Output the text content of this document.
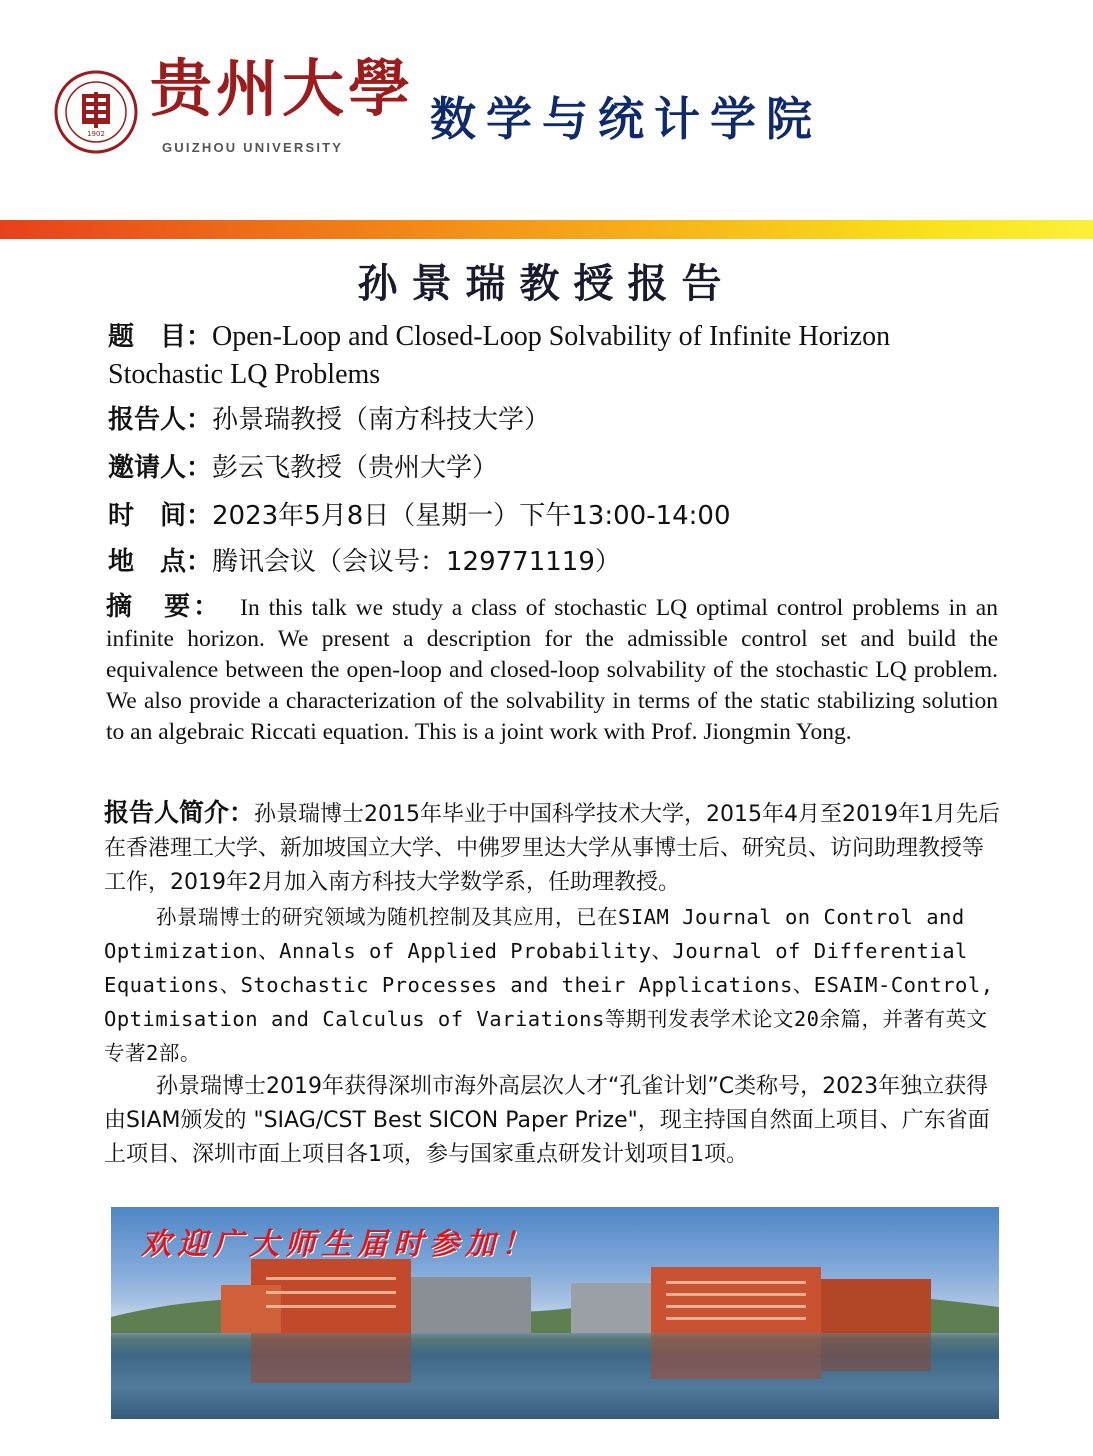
1902
贵州大學
GUIZHOU UNIVERSITY
数学与统计学院
孙景瑞教授报告
题　目：Open-Loop and Closed-Loop Solvability of Infinite Horizon Stochastic LQ Problems
报告人：孙景瑞教授（南方科技大学）
邀请人：彭云飞教授（贵州大学）
时　间：2023年5月8日（星期一）下午13:00-14:00
地　点：腾讯会议（会议号：129771119）
摘　要： In this talk we study a class of stochastic LQ optimal control problems in an infinite horizon. We present a description for the admissible control set and build the equivalence between the open-loop and closed-loop solvability of the stochastic LQ problem. We also provide a characterization of the solvability in terms of the static stabilizing solution to an algebraic Riccati equation. This is a joint work with Prof. Jiongmin Yong.

报告人简介：孙景瑞博士2015年毕业于中国科学技术大学，2015年4月至2019年1月先后在香港理工大学、新加坡国立大学、中佛罗里达大学从事博士后、研究员、访问助理教授等工作，2019年2月加入南方科技大学数学系，任助理教授。

孙景瑞博士的研究领域为随机控制及其应用，已在SIAM Journal on Control and Optimization、Annals of Applied Probability、Journal of Differential Equations、Stochastic Processes and their Applications、ESAIM-Control, Optimisation and Calculus of Variations等期刊发表学术论文20余篇，并著有英文专著2部。

孙景瑞博士2019年获得深圳市海外高层次人才“孔雀计划”C类称号，2023年独立获得由SIAM颁发的 "SIAG/CST Best SICON Paper Prize"，现主持国自然面上项目、广东省面上项目、深圳市面上项目各1项，参与国家重点研发计划项目1项。

欢迎广大师生届时参加！
